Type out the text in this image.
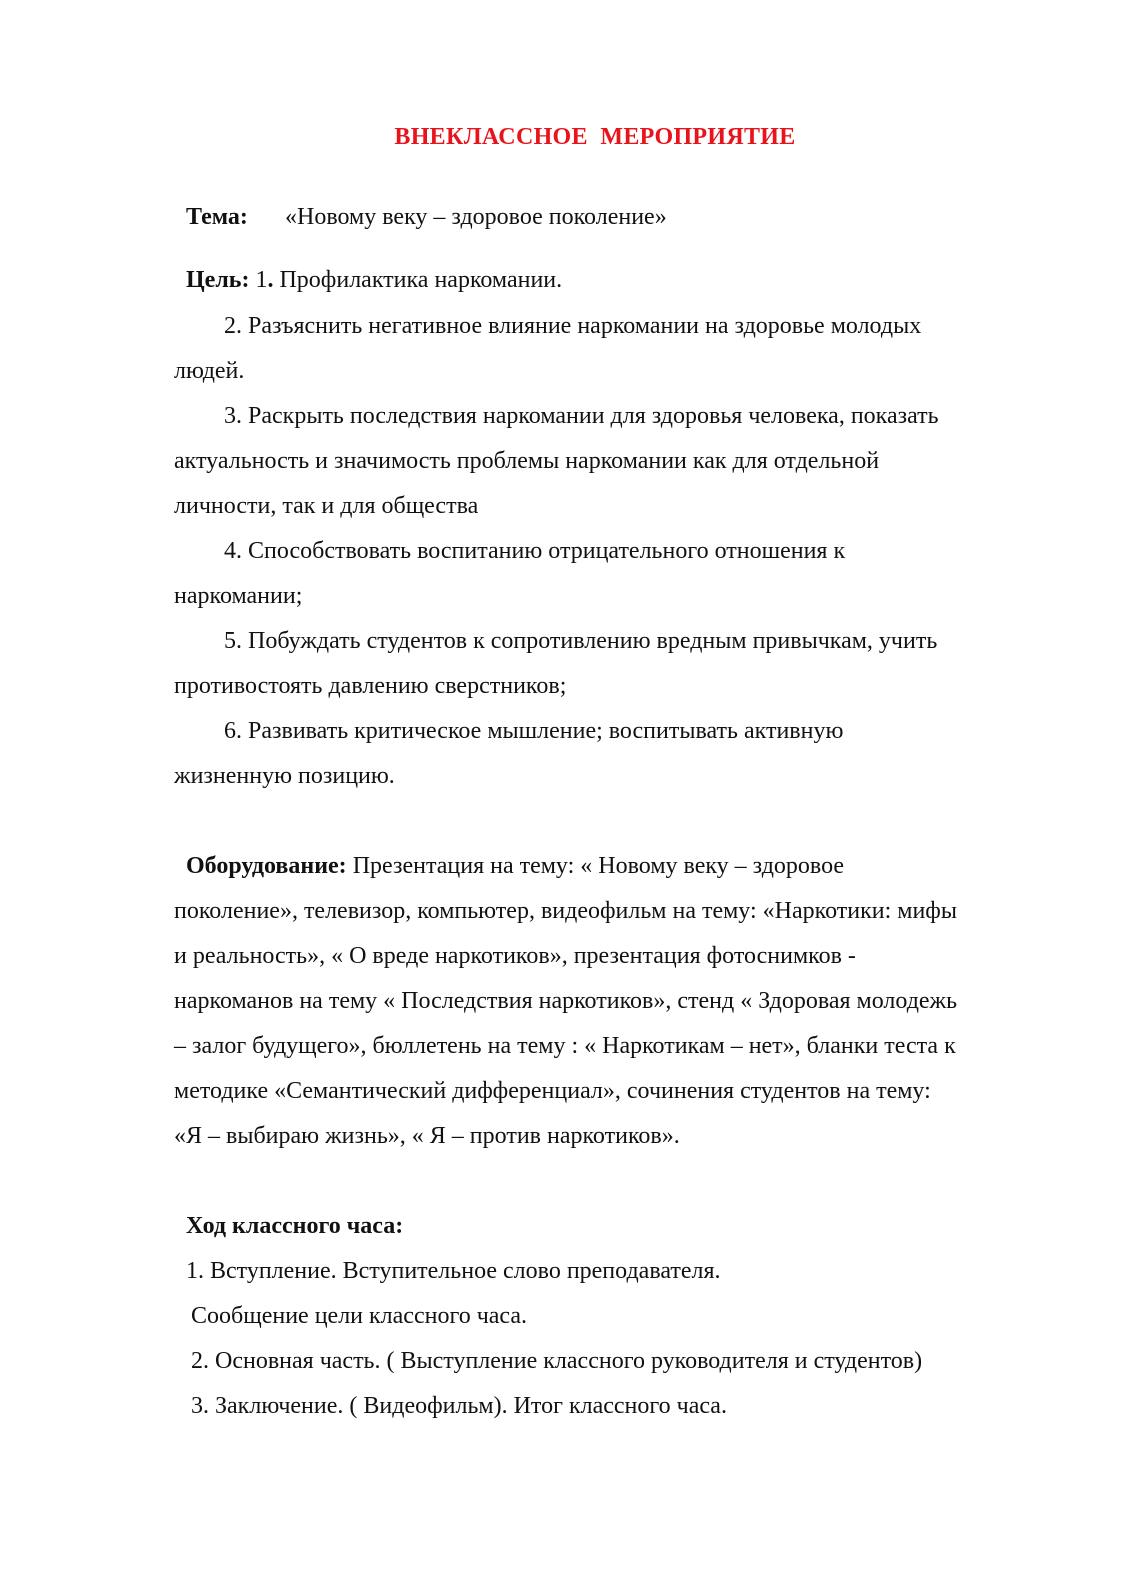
ВНЕКЛАССНОЕ  МЕРОПРИЯТИЕ
Тема: «Новому веку – здоровое поколение»
Цель: 1. Профилактика наркомании.
2. Разъяснить негативное влияние наркомании на здоровье молодых
людей.
3. Раскрыть последствия наркомании для здоровья человека, показать
актуальность и значимость проблемы наркомании как для отдельной
личности, так и для общества
4. Способствовать воспитанию отрицательного отношения к
наркомании;
5. Побуждать студентов к сопротивлению вредным привычкам, учить
противостоять давлению сверстников;
6. Развивать критическое мышление; воспитывать активную
жизненную позицию.
Оборудование: Презентация на тему: « Новому веку – здоровое
поколение», телевизор, компьютер, видеофильм на тему: «Наркотики: мифы
и реальность», « О вреде наркотиков», презентация фотоснимков -
наркоманов на тему « Последствия наркотиков», стенд « Здоровая молодежь
– залог будущего», бюллетень на тему : « Наркотикам – нет», бланки теста к
методике «Семантический дифференциал», сочинения студентов на тему:
«Я – выбираю жизнь», « Я – против наркотиков».
Ход классного часа:
1. Вступление. Вступительное слово преподавателя.
Сообщение цели классного часа.
2. Основная часть. ( Выступление классного руководителя и студентов)
3. Заключение. ( Видеофильм). Итог классного часа.
